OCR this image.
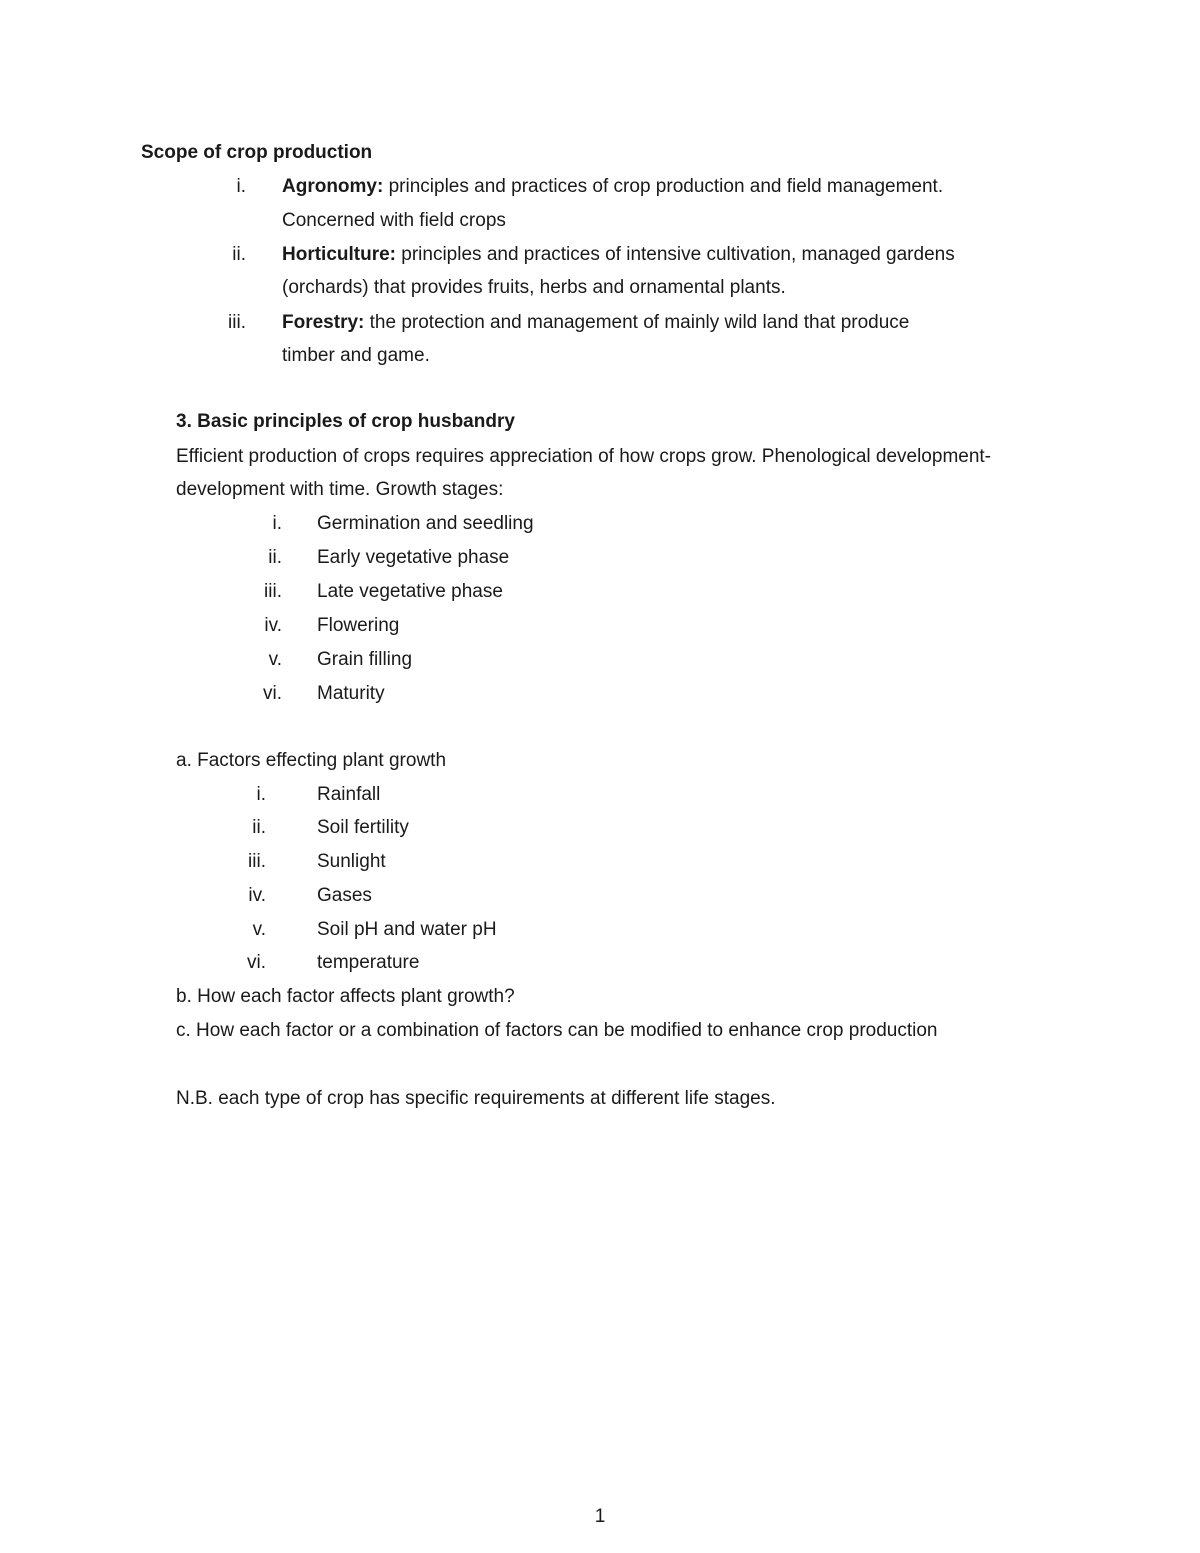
Scope of crop production
i. Agronomy: principles and practices of crop production and field management.
Concerned with field crops
ii. Horticulture: principles and practices of intensive cultivation, managed gardens
(orchards) that provides fruits, herbs and ornamental plants.
iii. Forestry: the protection and management of mainly wild land that produce
timber and game.
3. Basic principles of crop husbandry
Efficient production of crops requires appreciation of how crops grow. Phenological development-
development with time. Growth stages:
i. Germination and seedling
ii. Early vegetative phase
iii. Late vegetative phase
iv. Flowering
v. Grain filling
vi. Maturity
a. Factors effecting plant growth
i.	Rainfall
ii.	Soil fertility
iii.	Sunlight
iv.	Gases
v.	Soil pH and water pH
vi.	temperature
b. How each factor affects plant growth?
c. How each factor or a combination of factors can be modified to enhance crop production
N.B. each type of crop has specific requirements at different life stages.
1
